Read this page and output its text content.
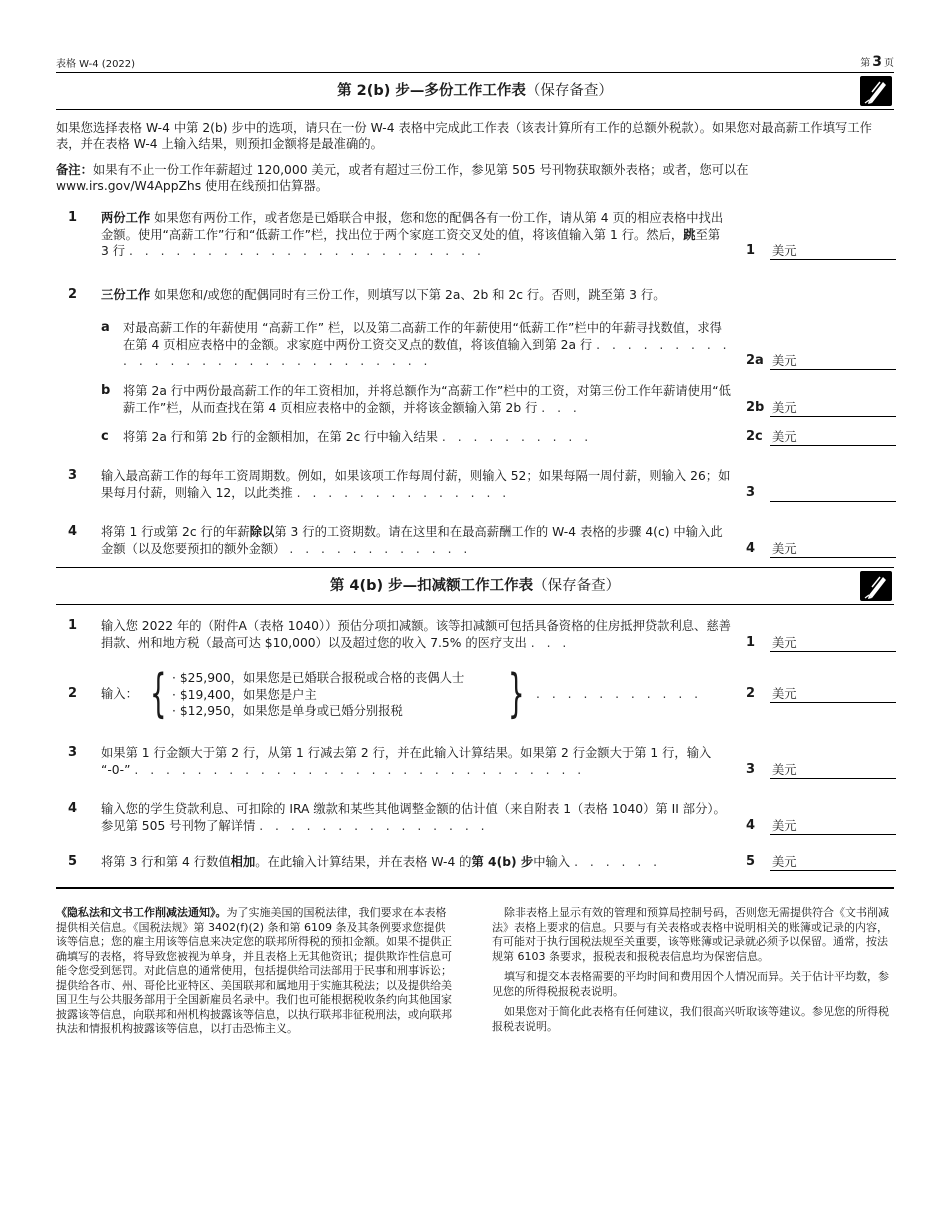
表格 W-4 (2022)	第 3 页
第 2(b) 步—多份工作工作表（保存备查）

如果您选择表格 W-4 中第 2(b) 步中的选项，请只在一份 W-4 表格中完成此工作表（该表计算所有工作的总额外税款）。如果您对最高薪工作填写工作表，并在表格 W-4 上输入结果，则预扣金额将是最准确的。

备注：如果有不止一份工作年薪超过 120,000 美元，或者有超过三份工作，参见第 505 号刊物获取额外表格；或者，您可以在 www.irs.gov/W4AppZhs 使用在线预扣估算器。

1 两份工作 如果您有两份工作，或者您是已婚联合申报，您和您的配偶各有一份工作，请从第 4 页的相应表格中找出金额。使用“高薪工作”行和“低薪工作”栏，找出位于两个家庭工资交叉处的值，将该值输入第 1 行。然后，跳至第 3 行 . . . . . . . . . . . . . . . . . . . . . . .	1 美元
2 三份工作 如果您和/或您的配偶同时有三份工作，则填写以下第 2a、2b 和 2c 行。否则，跳至第 3 行。
a 对最高薪工作的年薪使用 “高薪工作” 栏，以及第二高薪工作的年薪使用“低薪工作”栏中的年薪寻找数值，求得在第 4 页相应表格中的金额。求家庭中两份工资交叉点的数值，将该值输入到第 2a 行 . . . . . . . . . . . . . . . . . . . . . . . . . . . . .	2a 美元
b 将第 2a 行中两份最高薪工作的年工资相加，并将总额作为“高薪工作”栏中的工资，对第三份工作年薪请使用“低薪工作”栏，从而查找在第 4 页相应表格中的金额，并将该金额输入第 2b 行 . . .	2b 美元
c 将第 2a 行和第 2b 行的金额相加，在第 2c 行中输入结果 . . . . . . . . . .	2c 美元
3 输入最高薪工作的每年工资周期数。例如，如果该项工作每周付薪，则输入 52；如果每隔一周付薪，则输入 26；如果每月付薪，则输入 12，以此类推 . . . . . . . . . . . . . .	3
4 将第 1 行或第 2c 行的年薪除以第 3 行的工资期数。请在这里和在最高薪酬工作的 W-4 表格的步骤 4(c) 中输入此金额（以及您要预扣的额外金额） . . . . . . . . . . . .	4 美元
第 4(b) 步—扣减额工作工作表（保存备查）
1 输入您 2022 年的（附件A（表格 1040））预估分项扣减额。该等扣减额可包括具备资格的住房抵押贷款利息、慈善捐款、州和地方税（最高可达 $10,000）以及超过您的收入 7.5% 的医疗支出 . . .	1 美元
2 输入： { · $25,900，如果您是已婚联合报税或合格的丧偶人士
· $19,400，如果您是户主
· $12,950，如果您是单身或已婚分别报税	} . . . . . . . . . . .	2 美元
3 如果第 1 行金额大于第 2 行，从第 1 行减去第 2 行，并在此输入计算结果。如果第 2 行金额大于第 1 行，输入 “-0-” . . . . . . . . . . . . . . . . . . . . . . . . . . . . .	3 美元
4 输入您的学生贷款利息、可扣除的 IRA 缴款和某些其他调整金额的估计值（来自附表 1（表格 1040）第 II 部分）。参见第 505 号刊物了解详情 . . . . . . . . . . . . . . .	4 美元
5 将第 3 行和第 4 行数值相加。在此输入计算结果，并在表格 W-4 的第 4(b) 步中输入 . . . . . .	5 美元

《隐私法和文书工作削减法通知》。为了实施美国的国税法律，我们要求在本表格提供相关信息。《国税法规》第 3402(f)(2) 条和第 6109 条及其条例要求您提供该等信息；您的雇主用该等信息来决定您的联邦所得税的预扣金额。如果不提供正确填写的表格，将导致您被视为单身，并且表格上无其他资讯；提供欺诈性信息可能令您受到惩罚。对此信息的通常使用，包括提供给司法部用于民事和刑事诉讼；提供给各市、州、哥伦比亚特区、美国联邦和属地用于实施其税法；以及提供给美国卫生与公共服务部用于全国新雇员名录中。我们也可能根据税收条约向其他国家披露该等信息，向联邦和州机构披露该等信息，以执行联邦非征税刑法，或向联邦执法和情报机构披露该等信息，以打击恐怖主义。

除非表格上显示有效的管理和预算局控制号码，否则您无需提供符合《文书削减法》表格上要求的信息。只要与有关表格或表格中说明相关的账簿或记录的内容，有可能对于执行国税法规至关重要，该等账簿或记录就必须予以保留。通常，按法规第 6103 条要求，报税表和报税表信息均为保密信息。

填写和提交本表格需要的平均时间和费用因个人情况而异。关于估计平均数，参见您的所得税报税表说明。

如果您对于简化此表格有任何建议，我们很高兴听取该等建议。参见您的所得税报税表说明。
